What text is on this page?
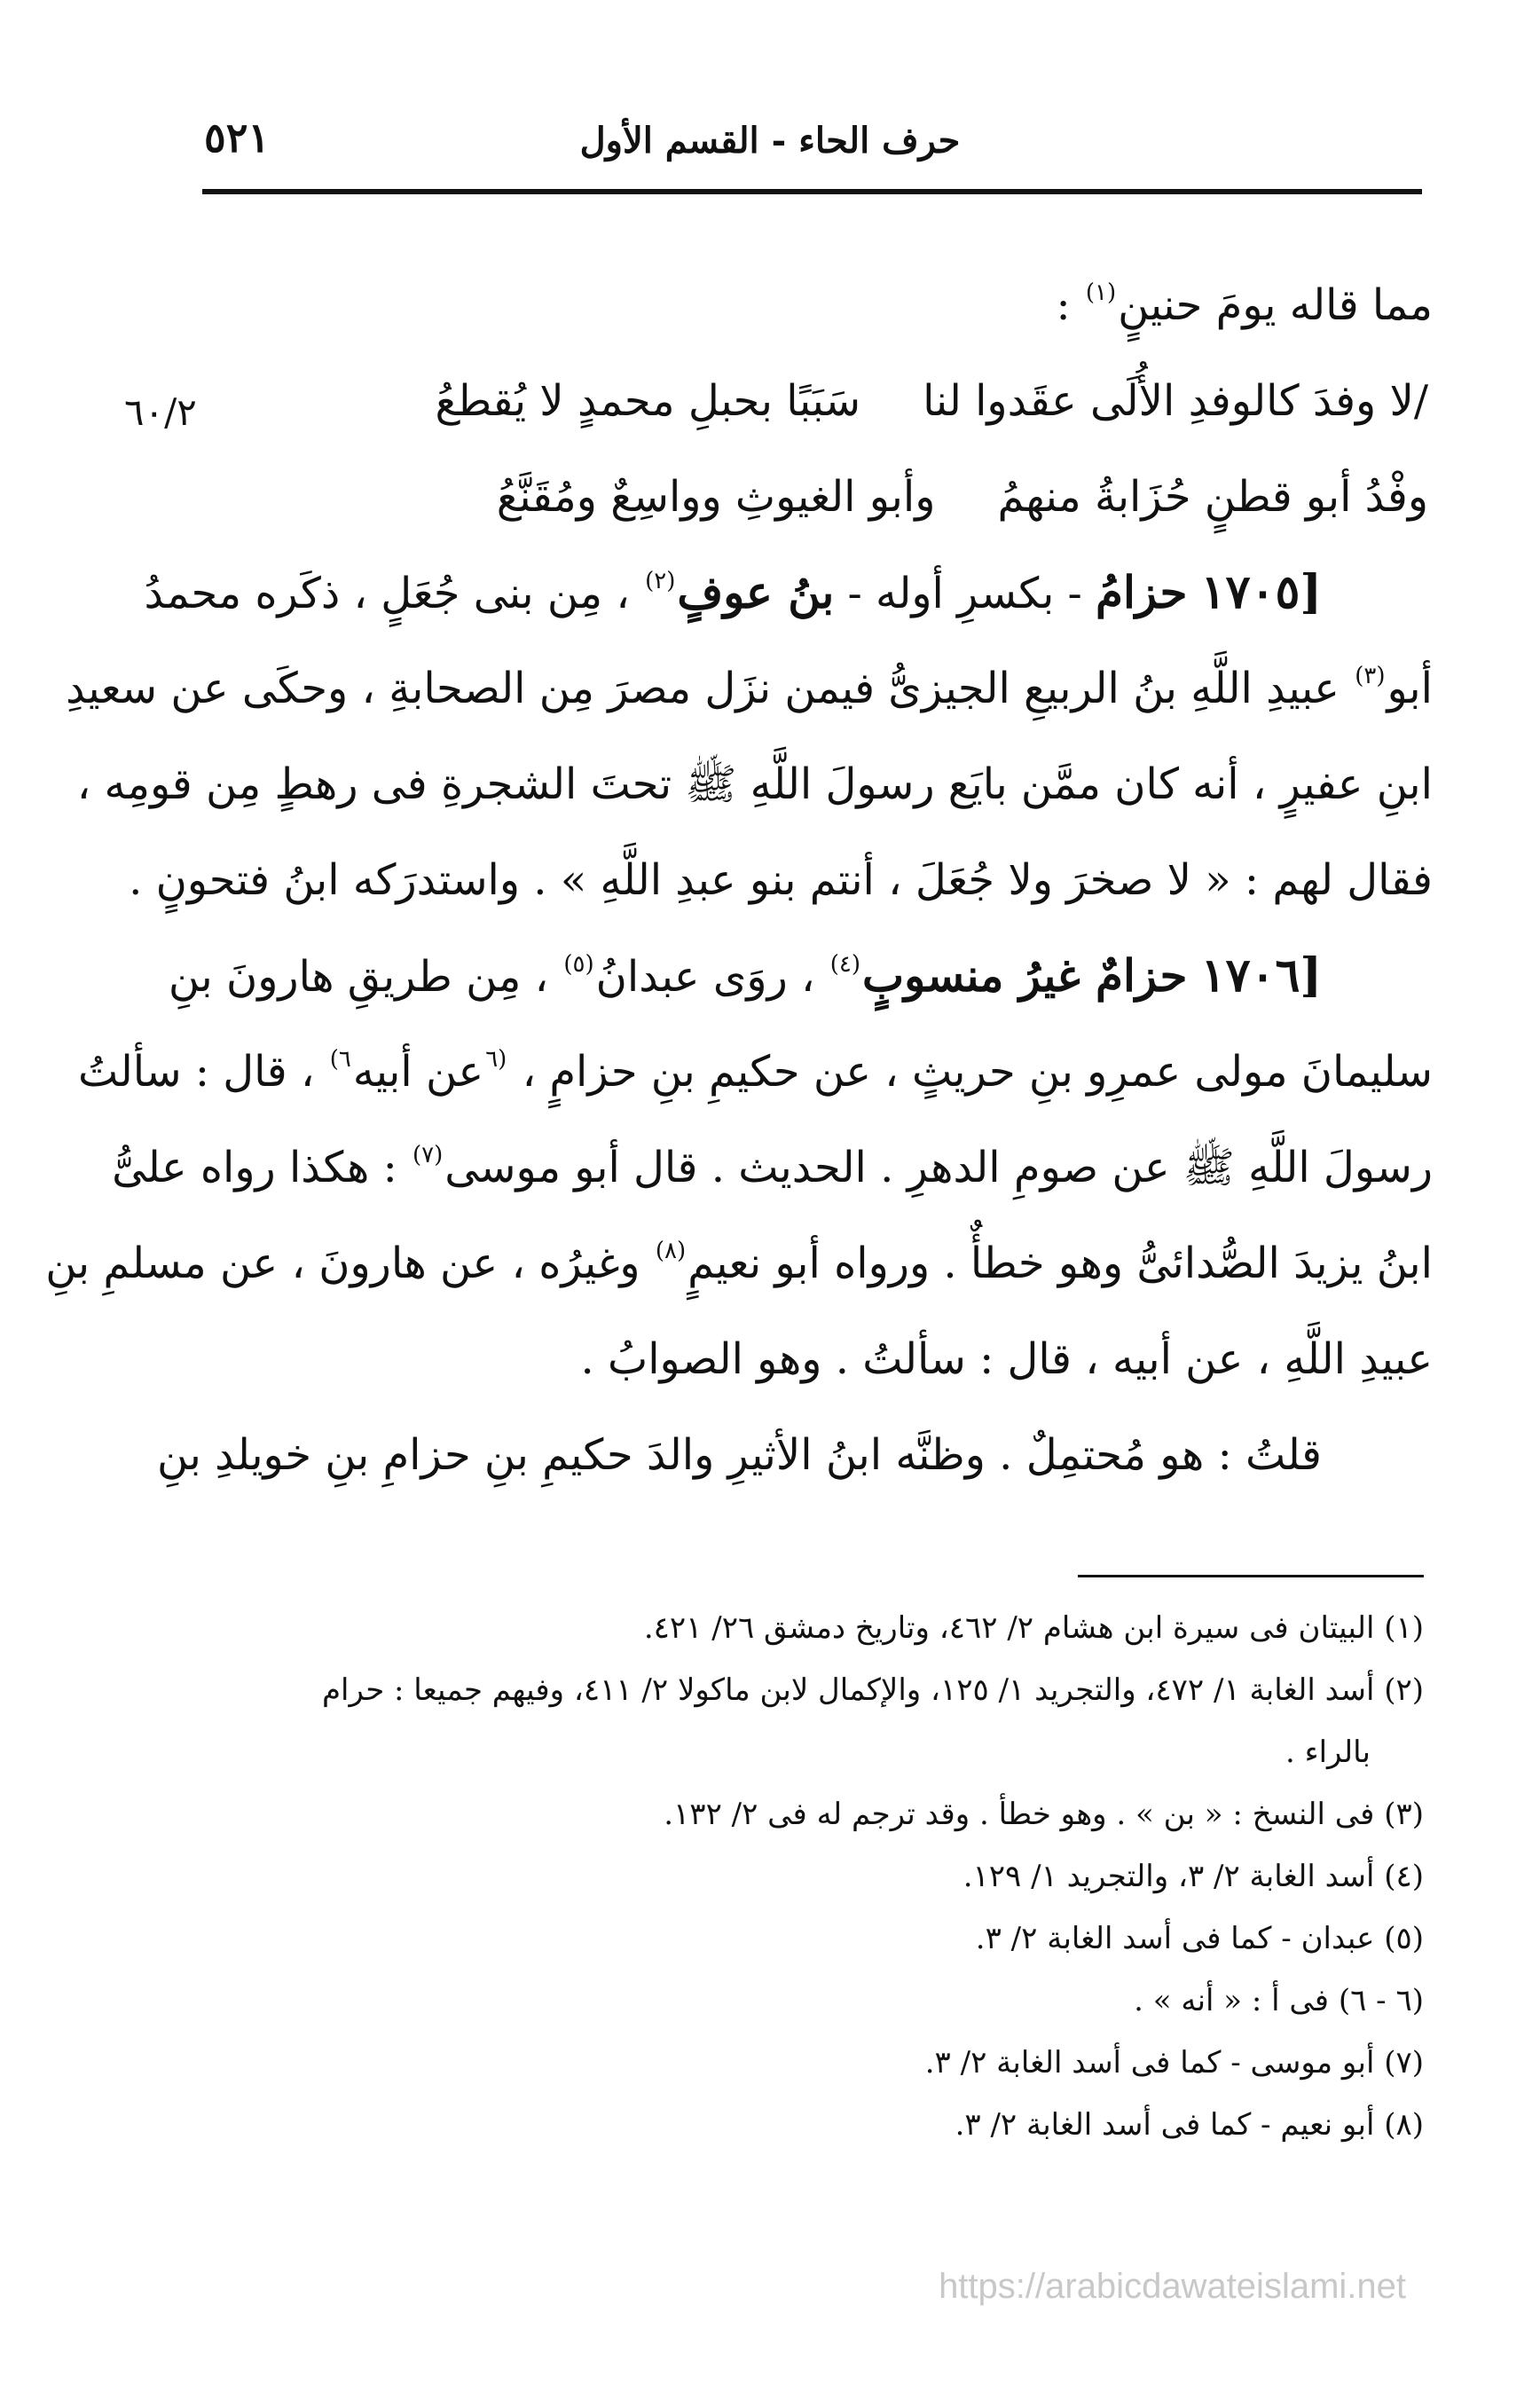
حرف الحاء - القسم الأول
٥٢١
مما قاله يومَ حنينٍ$^{(١)}$ :
/لا وفدَ كالوفدِ الأُلَى عقَدوا لناسَبَبًا بحبلِ محمدٍ لا يُقطعُ
وفْدُ أبو قطنٍ حُزَابةُ منهمُوأبو الغيوثِ وواسِعٌ ومُقَنَّعُ
[١٧٠٥ حزامُ - بكسرِ أوله - بنُ عوفٍ$^{(٢)}$ ، مِن بنى جُعَلٍ ، ذكَره محمدُ
أبو$^{(٣)}$ عبيدِ اللَّهِ بنُ الربيعِ الجيزىُّ فيمن نزَل مصرَ مِن الصحابةِ ، وحكَى عن سعيدِ
ابنِ عفيرٍ ، أنه كان ممَّن بايَع رسولَ اللَّهِ ﷺ تحتَ الشجرةِ فى رهطٍ مِن قومِه ،
فقال لهم : « لا صخرَ ولا جُعَلَ ، أنتم بنو عبدِ اللَّهِ » . واستدرَكه ابنُ فتحونٍ .
[١٧٠٦ حزامٌ غيرُ منسوبٍ$^{(٤)}$ ، روَى عبدانُ$^{(٥)}$ ، مِن طريقِ هارونَ بنِ
سليمانَ مولى عمرِو بنِ حريثٍ ، عن حكيمِ بنِ حزامٍ ، $^{(٦}$عن أبيه$^{٦)}$ ، قال : سألتُ
رسولَ اللَّهِ ﷺ عن صومِ الدهرِ . الحديث . قال أبو موسى$^{(٧)}$ : هكذا رواه علىُّ
ابنُ يزيدَ الصُّدائىُّ وهو خطأٌ . ورواه أبو نعيمٍ$^{(٨)}$ وغيرُه ، عن هارونَ ، عن مسلمِ بنِ
عبيدِ اللَّهِ ، عن أبيه ، قال : سألتُ . وهو الصوابُ .
قلتُ : هو مُحتمِلٌ . وظنَّه ابنُ الأثيرِ والدَ حكيمِ بنِ حزامِ بنِ خويلدِ بنِ
٦٠/٢
(١) البيتان فى سيرة ابن هشام ٢/ ٤٦٢، وتاريخ دمشق ٢٦/ ٤٢١.
(٢) أسد الغابة ١/ ٤٧٢، والتجريد ١/ ١٢٥، والإكمال لابن ماكولا ٢/ ٤١١، وفيهم جميعا : حرام
بالراء .
(٣) فى النسخ : « بن » . وهو خطأ . وقد ترجم له فى ٢/ ١٣٢.
(٤) أسد الغابة ٢/ ٣، والتجريد ١/ ١٢٩.
(٥) عبدان - كما فى أسد الغابة ٢/ ٣.
(٦ - ٦) فى أ : « أنه » .
(٧) أبو موسى - كما فى أسد الغابة ٢/ ٣.
(٨) أبو نعيم - كما فى أسد الغابة ٢/ ٣.
https://arabicdawateislami.net
